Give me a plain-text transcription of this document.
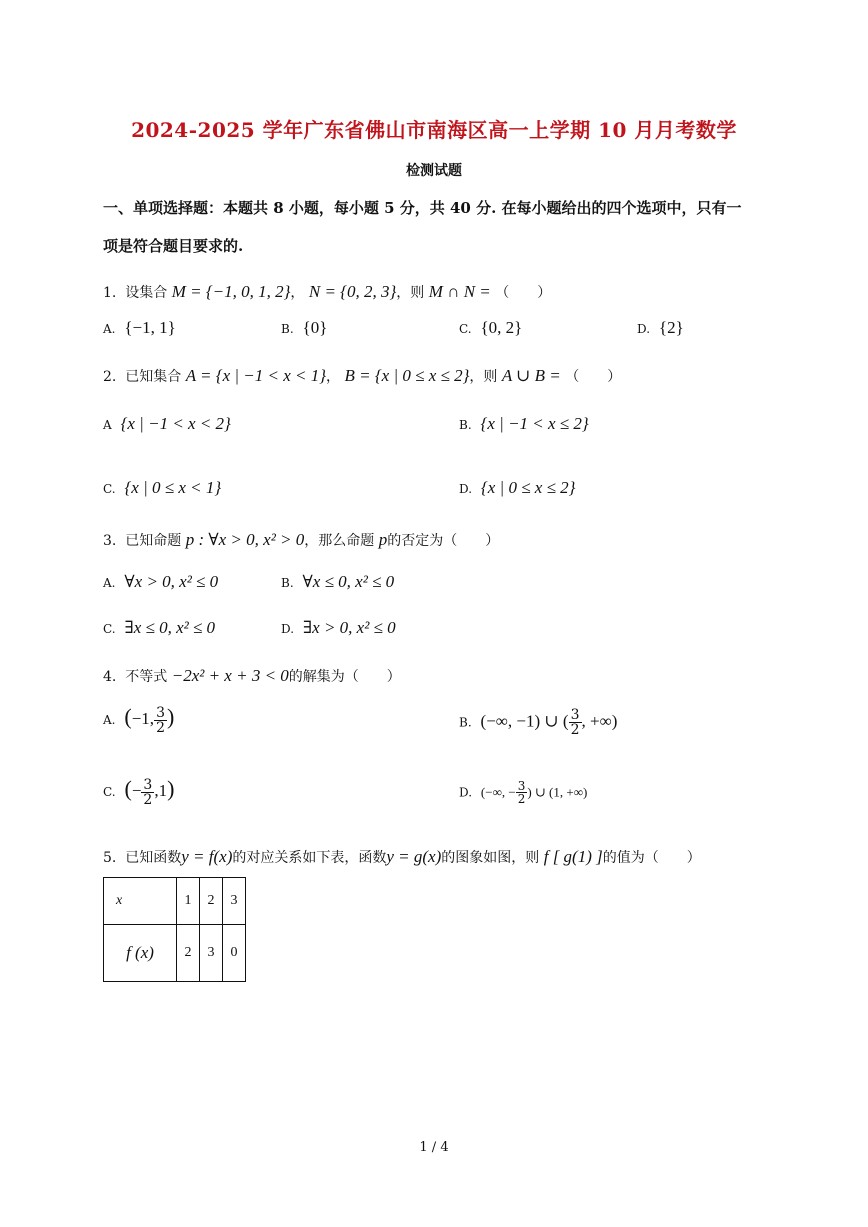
2024-2025 学年广东省佛山市南海区高一上学期 10 月月考数学
检测试题
一、单项选择题：本题共 8 小题，每小题 5 分，共 40 分. 在每小题给出的四个选项中，只有一
项是符合题目要求的.
1. 设集合 M = {−1, 0, 1, 2}， N = {0, 2, 3}，则 M ∩ N = （　　）
A. {−1, 1}	B. {0}	C. {0, 2}	D. {2}
2. 已知集合 A = {x | −1 < x < 1}， B = {x | 0 ≤ x ≤ 2}，则 A ∪ B = （　　）
A {x | −1 < x < 2}	B. {x | −1 < x ≤ 2}
C. {x | 0 ≤ x < 1}	D. {x | 0 ≤ x ≤ 2}
3. 已知命题 p : ∀x > 0, x² > 0，那么命题 p的否定为（　　）
A. ∀x > 0, x² ≤ 0	B. ∀x ≤ 0, x² ≤ 0
C. ∃x ≤ 0, x² ≤ 0	D. ∃x > 0, x² ≤ 0
4. 不等式 −2x² + x + 3 < 0的解集为（　　）
A. (−1, $\frac{3}{2}$ )	B. (−∞, −1) ∪ ( $\frac{3}{2}$ , +∞)
C. (− $\frac{3}{2} ,1$)	D. (−∞, − $\frac{3}{2}$ ) ∪ (1, +∞)
5. 已知函数y = f(x)的对应关系如下表，函数y = g(x)的图象如图，则 f [ g(1) ]的值为（　　）
x	1	2	3
f (x)	2	3	0
1 / 4
